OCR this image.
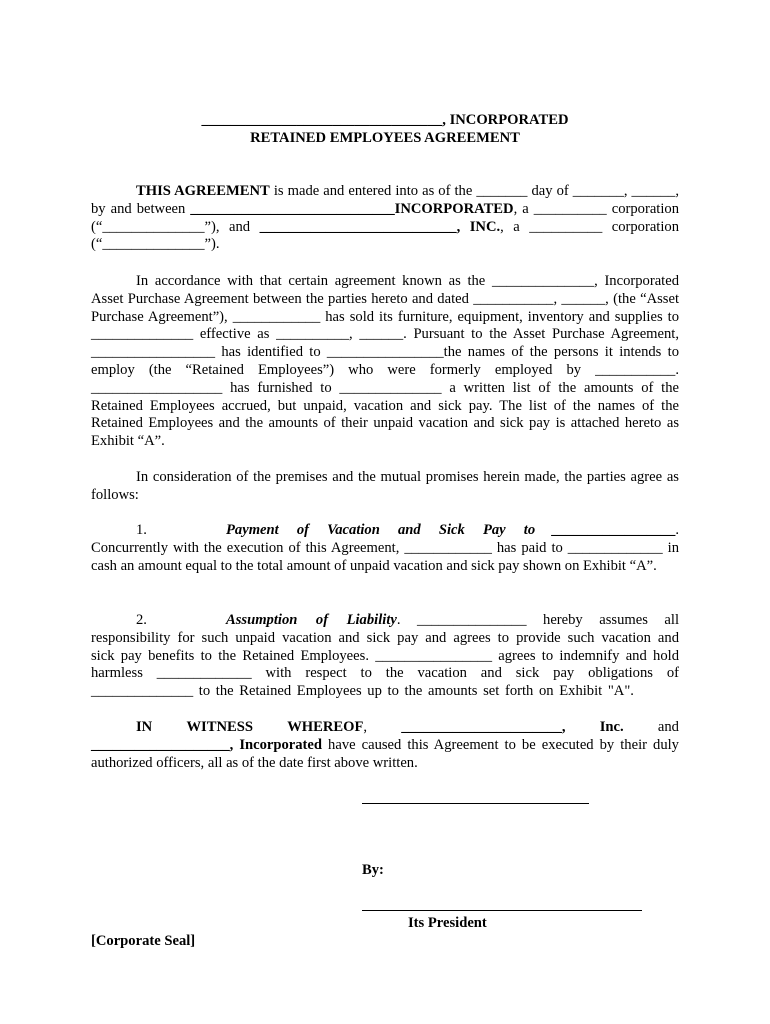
_________________________________, INCORPORATED
RETAINED EMPLOYEES AGREEMENT
THIS AGREEMENT is made and entered into as of the _______ day of _______, ______, by and between ____________________________INCORPORATED, a __________ corporation (“______________”), and ___________________________, INC., a __________ corporation (“______________”).
In accordance with that certain agreement known as the ______________, Incorporated Asset Purchase Agreement between the parties hereto and dated ___________, ______, (the “Asset Purchase Agreement”), ____________ has sold its furniture, equipment, inventory and supplies to ______________ effective as __________, ______. Pursuant to the Asset Purchase Agreement, _________________ has identified to ________________the names of the persons it intends to employ (the “Retained Employees”) who were formerly employed by ___________. __________________ has furnished to ______________ a written list of the amounts of the Retained Employees accrued, but unpaid, vacation and sick pay. The list of the names of the Retained Employees and the amounts of their unpaid vacation and sick pay is attached hereto as Exhibit “A”.
In consideration of the premises and the mutual promises herein made, the parties agree as follows:
1.	Payment of Vacation and Sick Pay to _________________. Concurrently with the execution of this Agreement, ____________ has paid to _____________ in cash an amount equal to the total amount of unpaid vacation and sick pay shown on Exhibit “A”.
2.	Assumption of Liability. _______________ hereby assumes all responsibility for such unpaid vacation and sick pay and agrees to provide such vacation and sick pay benefits to the Retained Employees. ________________ agrees to indemnify and hold harmless _____________ with respect to the vacation and sick pay obligations of ______________ to the Retained Employees up to the amounts set forth on Exhibit "A".
IN WITNESS WHEREOF, ______________________, Inc. and
___________________, Incorporated have caused this Agreement to be executed by their duly authorized officers, all as of the date first above written.
By:
Its President
[Corporate Seal]
